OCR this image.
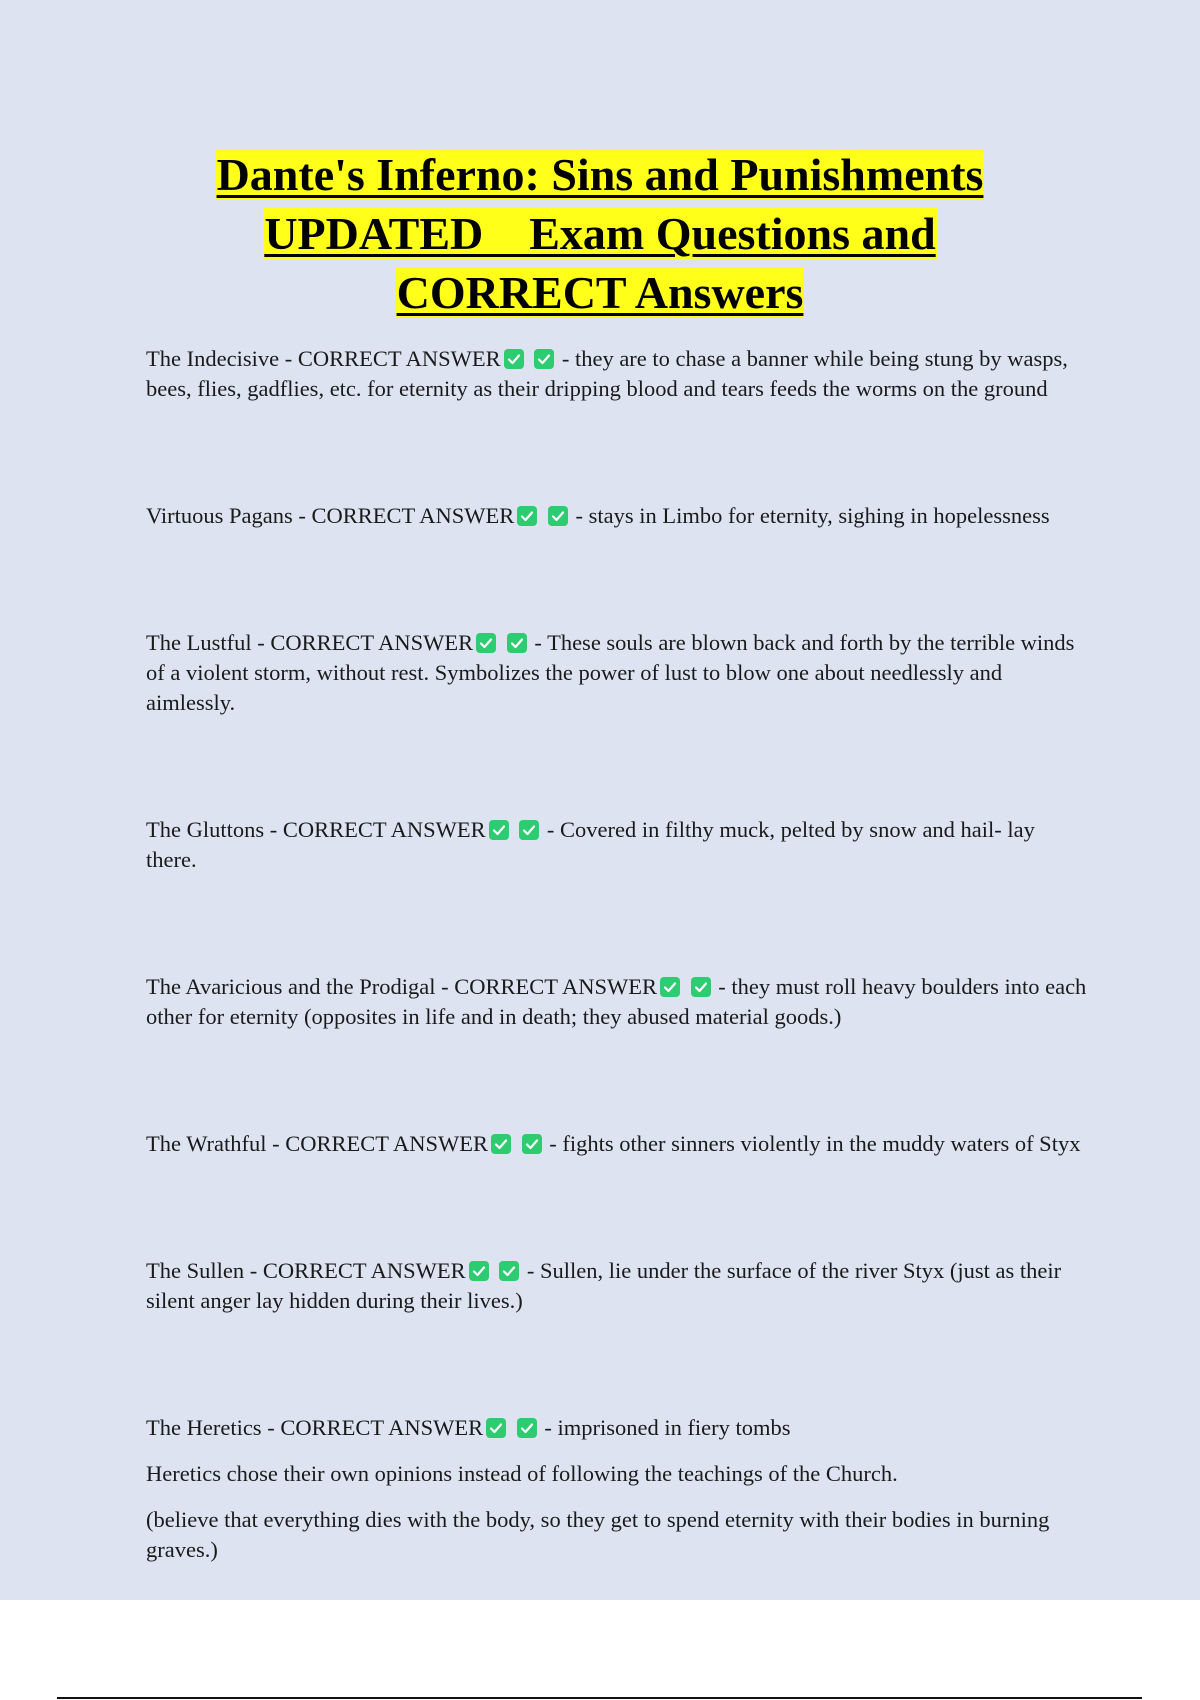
Dante's Inferno: Sins and Punishments
UPDATED    Exam Questions and
CORRECT Answers

The Indecisive - CORRECT ANSWER

- they are to chase a banner while being stung by wasps, bees, flies, gadflies, etc. for eternity as their dripping blood and tears feeds the worms on the ground

Virtuous Pagans - CORRECT ANSWER

- stays in Limbo for eternity, sighing in hopelessness

The Lustful - CORRECT ANSWER

- These souls are blown back and forth by the terrible winds of a violent storm, without rest. Symbolizes the power of lust to blow one about needlessly and aimlessly.

The Gluttons - CORRECT ANSWER

- Covered in filthy muck, pelted by snow and hail- lay there.

The Avaricious and the Prodigal - CORRECT ANSWER

- they must roll heavy boulders into each other for eternity (opposites in life and in death; they abused material goods.)

The Wrathful - CORRECT ANSWER

- fights other sinners violently in the muddy waters of Styx

The Sullen - CORRECT ANSWER

- Sullen, lie under the surface of the river Styx (just as their silent anger lay hidden during their lives.)

The Heretics - CORRECT ANSWER

- imprisoned in fiery tombs

Heretics chose their own opinions instead of following the teachings of the Church.

(believe that everything dies with the body, so they get to spend eternity with their bodies in burning graves.)
